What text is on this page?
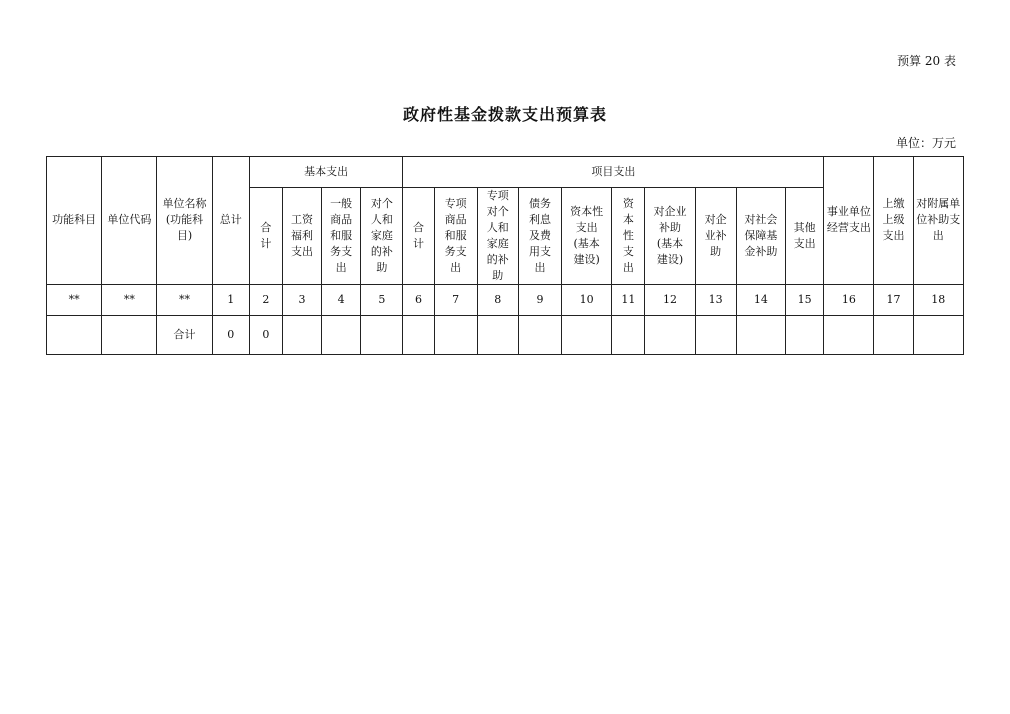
预算 20 表
政府性基金拨款支出预算表
单位：万元
功能科目	单位代码	单位名称(功能科目)	总计	基本支出				项目支出										事业单位经营支出	上缴上级支出	对附属单位补助支出
				合计	工资福利支出	一般商品和服务支出	对个人和家庭的补助	合计	专项商品和服务支出	专项对个人和家庭的补助	债务利息及费用支出	资本性支出(基本建设)	资本性支出	对企业补助(基本建设)	对企业补助	对社会保障基金补助	其他支出			
**	**	**	1	2	3	4	5	6	7	8	9	10	11	12	13	14	15	16	17	18
		合计	0	0																
